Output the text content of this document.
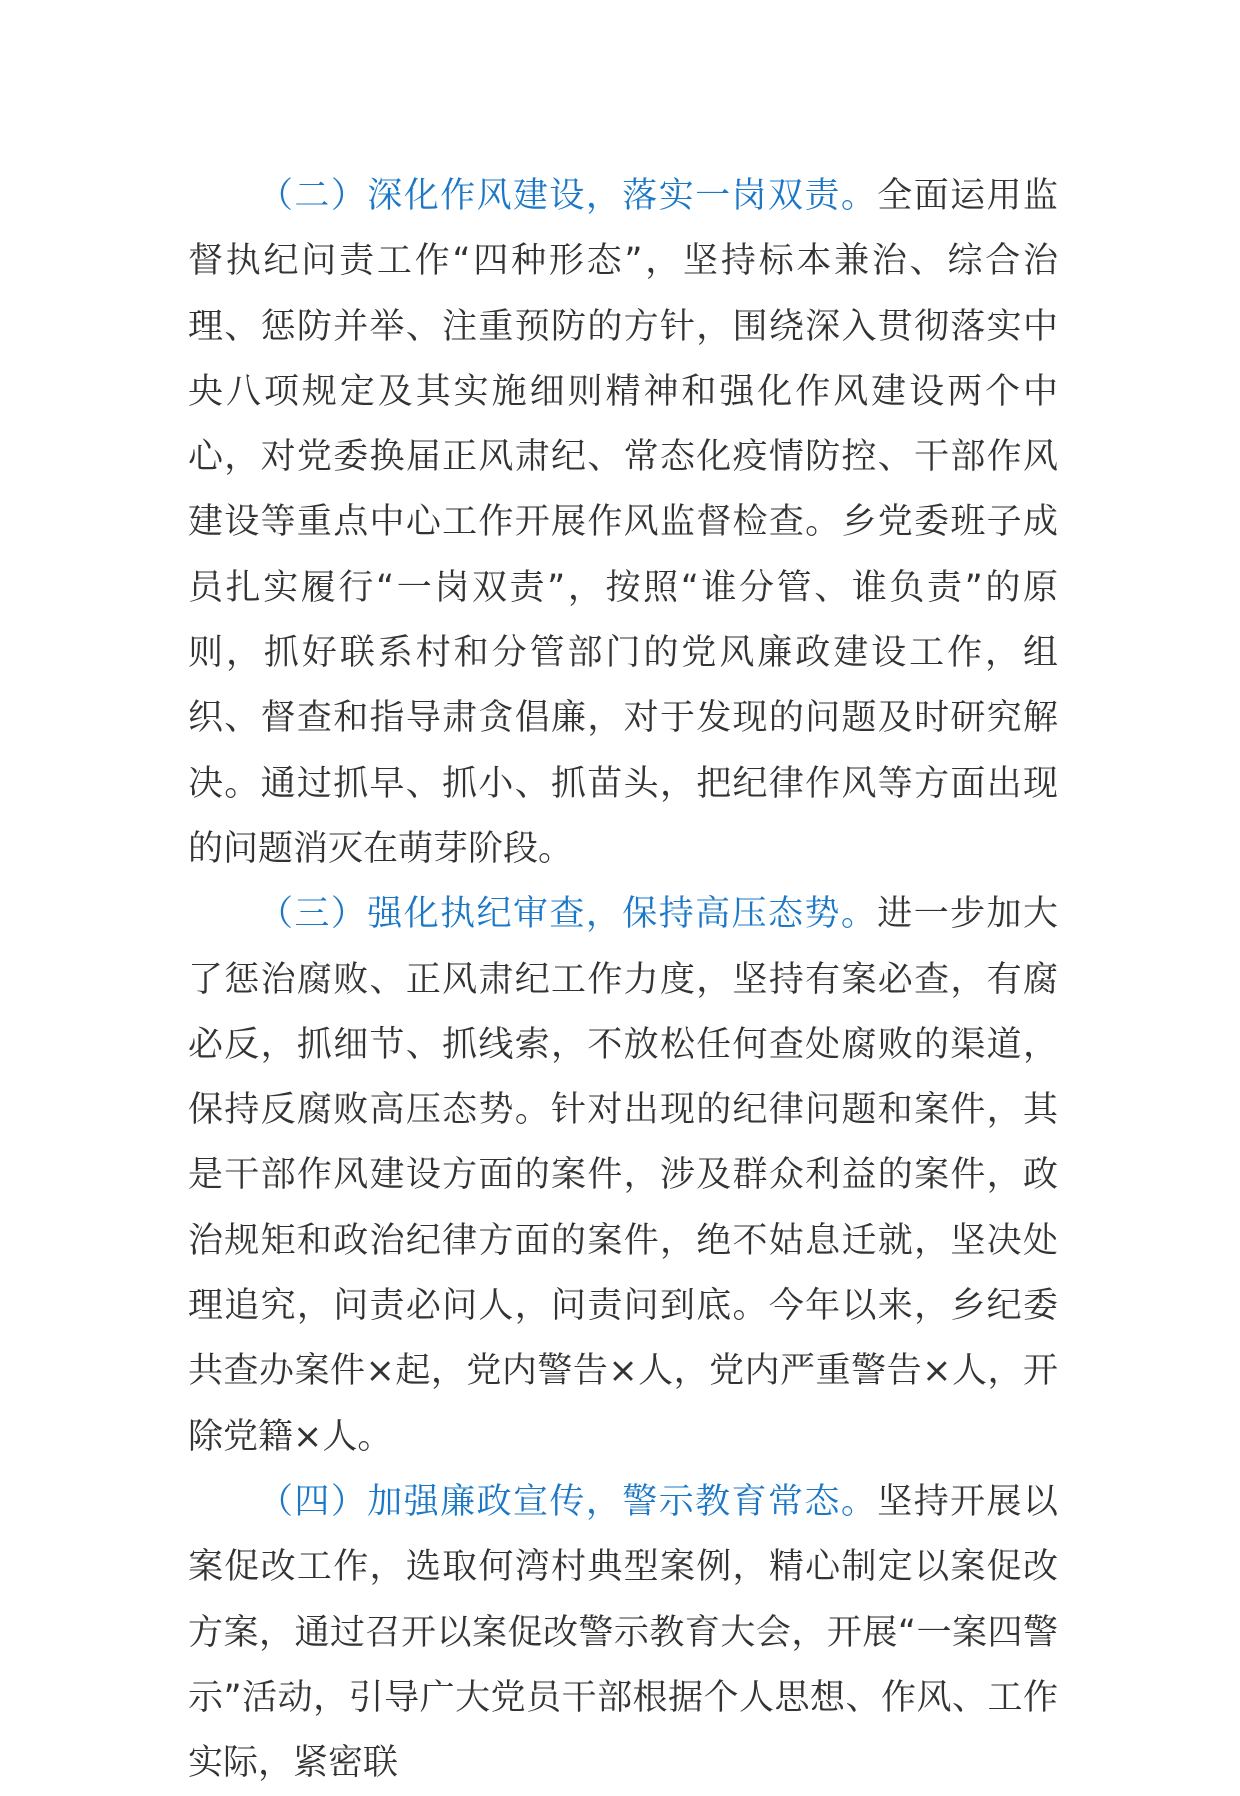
（二）深化作风建设，落实一岗双责。全面运用监督执纪问责工作“四种形态”，坚持标本兼治、综合治理、惩防并举、注重预防的方针，围绕深入贯彻落实中央八项规定及其实施细则精神和强化作风建设两个中心，对党委换届正风肃纪、常态化疫情防控、干部作风建设等重点中心工作开展作风监督检查。乡党委班子成员扎实履行“一岗双责”，按照“谁分管、谁负责”的原则，抓好联系村和分管部门的党风廉政建设工作，组织、督查和指导肃贪倡廉，对于发现的问题及时研究解决。通过抓早、抓小、抓苗头，把纪律作风等方面出现的问题消灭在萌芽阶段。

（三）强化执纪审查，保持高压态势。进一步加大了惩治腐败、正风肃纪工作力度，坚持有案必查，有腐必反，抓细节、抓线索，不放松任何查处腐败的渠道，保持反腐败高压态势。针对出现的纪律问题和案件，其是干部作风建设方面的案件，涉及群众利益的案件，政治规矩和政治纪律方面的案件，绝不姑息迁就，坚决处理追究，问责必问人，问责问到底。今年以来，乡纪委共查办案件×起，党内警告×人，党内严重警告×人，开除党籍×人。

（四）加强廉政宣传，警示教育常态。坚持开展以案促改工作，选取何湾村典型案例，精心制定以案促改方案，通过召开以案促改警示教育大会，开展“一案四警示”活动，引导广大党员干部根据个人思想、作风、工作实际，紧密联
